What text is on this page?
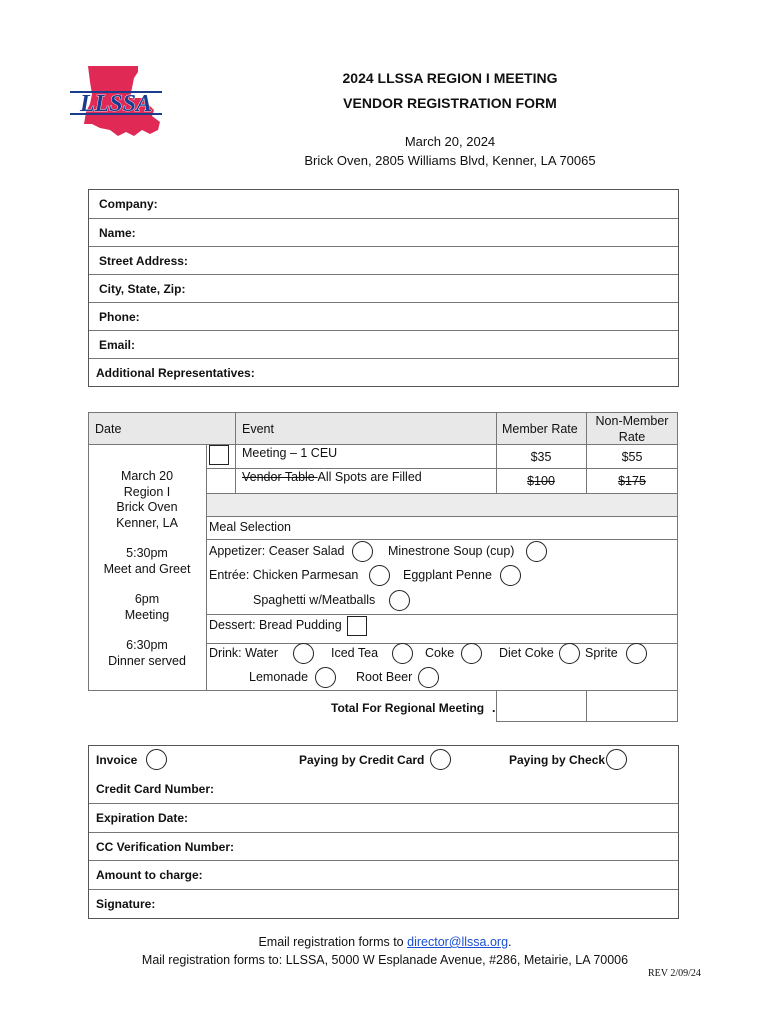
LLSSA
2024 LLSSA REGION I MEETING
VENDOR REGISTRATION FORM
March 20, 2024
Brick Oven, 2805 Williams Blvd, Kenner, LA 70065
Company:
Name:
Street Address:
City, State, Zip:
Phone:
Email:
Additional Representatives:
Date	Event	Member Rate
Non-Member
Rate
Meeting – 1 CEU	$35	$55
Vendor Table All Spots are Filled	$100	$175
March 20
Region I
Brick Oven
Kenner, LA
5:30pm
Meet and Greet
6pm
Meeting
6:30pm
Dinner served
Meal Selection
Appetizer: Ceaser Salad	Minestrone Soup (cup)
Entrée: Chicken Parmesan	Eggplant Penne
Spaghetti w/Meatballs
Dessert: Bread Pudding
Drink: Water	Iced Tea	Coke	Diet Coke Sprite
Lemonade	Root Beer
Total For Regional Meeting .
Invoice	Paying by Credit Card	Paying by Check
Credit Card Number:
Expiration Date:
CC Verification Number:
Amount to charge:
Signature:
Email registration forms to director@llssa.org.
Mail registration forms to: LLSSA, 5000 W Esplanade Avenue, #286, Metairie, LA 70006
REV 2/09/24
